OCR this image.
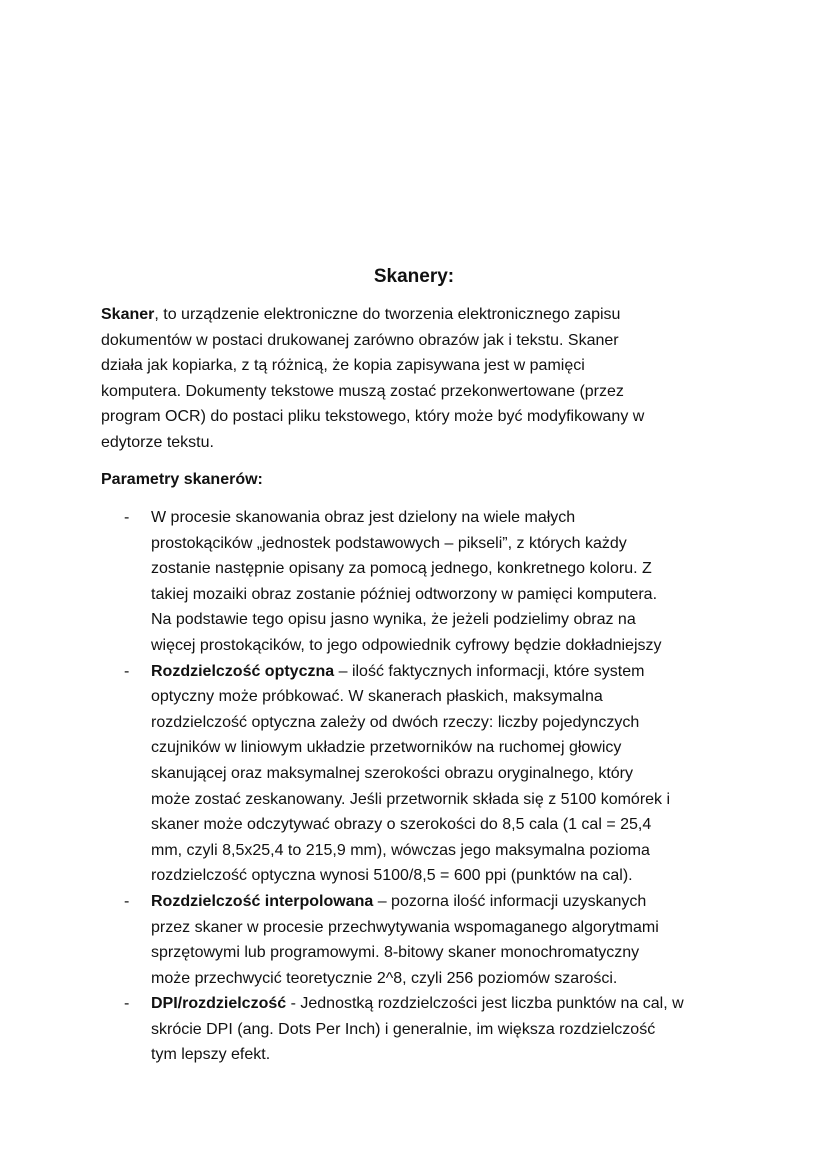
Skanery:

Skaner, to urządzenie elektroniczne do tworzenia elektronicznego zapisu
dokumentów w postaci drukowanej zarówno obrazów jak i tekstu. Skaner
działa jak kopiarka, z tą różnicą, że kopia zapisywana jest w pamięci
komputera. Dokumenty tekstowe muszą zostać przekonwertowane (przez
program OCR) do postaci pliku tekstowego, który może być modyfikowany w
edytorze tekstu.

Parametry skanerów:
- W procesie skanowania obraz jest dzielony na wiele małych
prostokącików „jednostek podstawowych – pikseli”, z których każdy
zostanie następnie opisany za pomocą jednego, konkretnego koloru. Z
takiej mozaiki obraz zostanie później odtworzony w pamięci komputera.
Na podstawie tego opisu jasno wynika, że jeżeli podzielimy obraz na
więcej prostokącików, to jego odpowiednik cyfrowy będzie dokładniejszy
- Rozdzielczość optyczna – ilość faktycznych informacji, które system
optyczny może próbkować. W skanerach płaskich, maksymalna
rozdzielczość optyczna zależy od dwóch rzeczy: liczby pojedynczych
czujników w liniowym układzie przetworników na ruchomej głowicy
skanującej oraz maksymalnej szerokości obrazu oryginalnego, który
może zostać zeskanowany. Jeśli przetwornik składa się z 5100 komórek i
skaner może odczytywać obrazy o szerokości do 8,5 cala (1 cal = 25,4
mm, czyli 8,5x25,4 to 215,9 mm), wówczas jego maksymalna pozioma
rozdzielczość optyczna wynosi 5100/8,5 = 600 ppi (punktów na cal).
- Rozdzielczość interpolowana – pozorna ilość informacji uzyskanych
przez skaner w procesie przechwytywania wspomaganego algorytmami
sprzętowymi lub programowymi. 8-bitowy skaner monochromatyczny
może przechwycić teoretycznie 2^8, czyli 256 poziomów szarości.
- DPI/rozdzielczość - Jednostką rozdzielczości jest liczba punktów na cal, w
skrócie DPI (ang. Dots Per Inch) i generalnie, im większa rozdzielczość
tym lepszy efekt.
